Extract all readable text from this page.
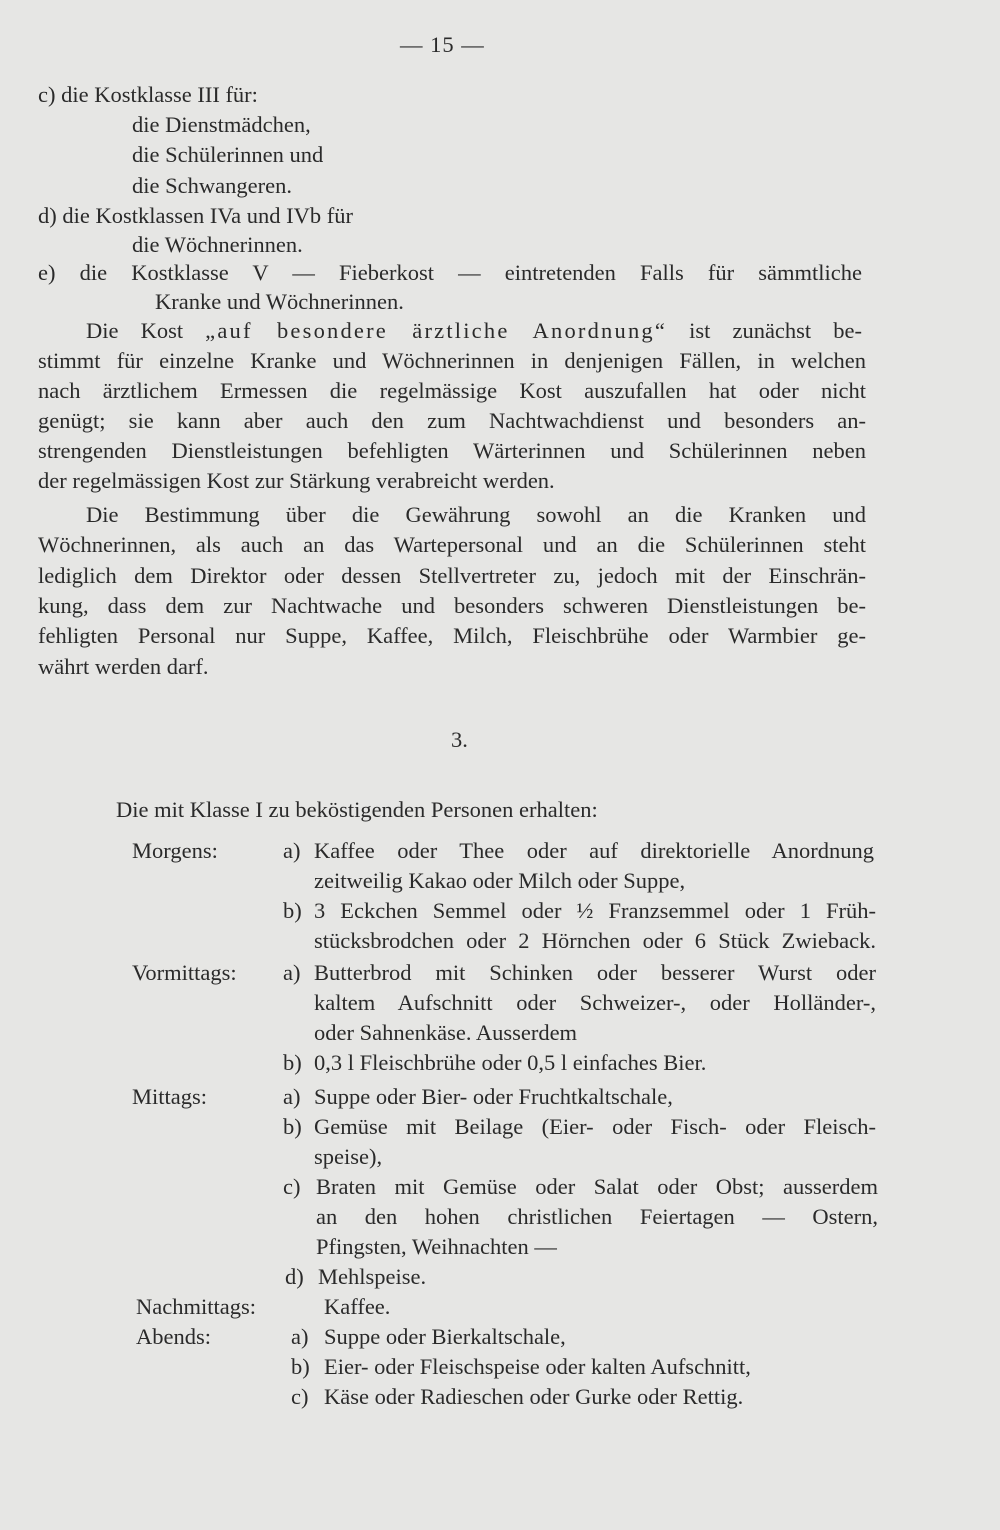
— 15 —
c) die Kostklasse III für:
die Dienstmädchen,
die Schülerinnen und
die Schwangeren.
d) die Kostklassen IVa und IVb für
die Wöchnerinnen.
e) die Kostklasse V — Fieberkost — eintretenden Falls für sämmtliche
Kranke und Wöchnerinnen.
Die Kost „auf besondere ärztliche Anordnung“ ist zunächst be-
stimmt für einzelne Kranke und Wöchnerinnen in denjenigen Fällen, in welchen
nach ärztlichem Ermessen die regelmässige Kost auszufallen hat oder nicht
genügt; sie kann aber auch den zum Nachtwachdienst und besonders an-
strengenden Dienstleistungen befehligten Wärterinnen und Schülerinnen neben
der regelmässigen Kost zur Stärkung verabreicht werden.
Die Bestimmung über die Gewährung sowohl an die Kranken und
Wöchnerinnen, als auch an das Wartepersonal und an die Schülerinnen steht
lediglich dem Direktor oder dessen Stellvertreter zu, jedoch mit der Einschrän-
kung, dass dem zur Nachtwache und besonders schweren Dienstleistungen be-
fehligten Personal nur Suppe, Kaffee, Milch, Fleischbrühe oder Warmbier ge-
währt werden darf.
3.
Die mit Klasse I zu beköstigenden Personen erhalten:
Morgens:	a) Kaffee oder Thee oder auf direktorielle Anordnung
zeitweilig Kakao oder Milch oder Suppe,
b) 3 Eckchen Semmel oder ½ Franzsemmel oder 1 Früh-
stücksbrodchen oder 2 Hörnchen oder 6 Stück Zwieback.
Vormittags: a) Butterbrod mit Schinken oder besserer Wurst oder
kaltem Aufschnitt oder Schweizer-, oder Holländer-,
oder Sahnenkäse. Ausserdem
b) 0,3 l Fleischbrühe oder 0,5 l einfaches Bier.
Mittags:	a) Suppe oder Bier- oder Fruchtkaltschale,
b) Gemüse mit Beilage (Eier- oder Fisch- oder Fleisch-
speise),
c) Braten mit Gemüse oder Salat oder Obst; ausserdem
an den hohen christlichen Feiertagen — Ostern,
Pfingsten, Weihnachten —
d) Mehlspeise.
Nachmittags:	Kaffee.
Abends:	a) Suppe oder Bierkaltschale,
b) Eier- oder Fleischspeise oder kalten Aufschnitt,
c) Käse oder Radieschen oder Gurke oder Rettig.
